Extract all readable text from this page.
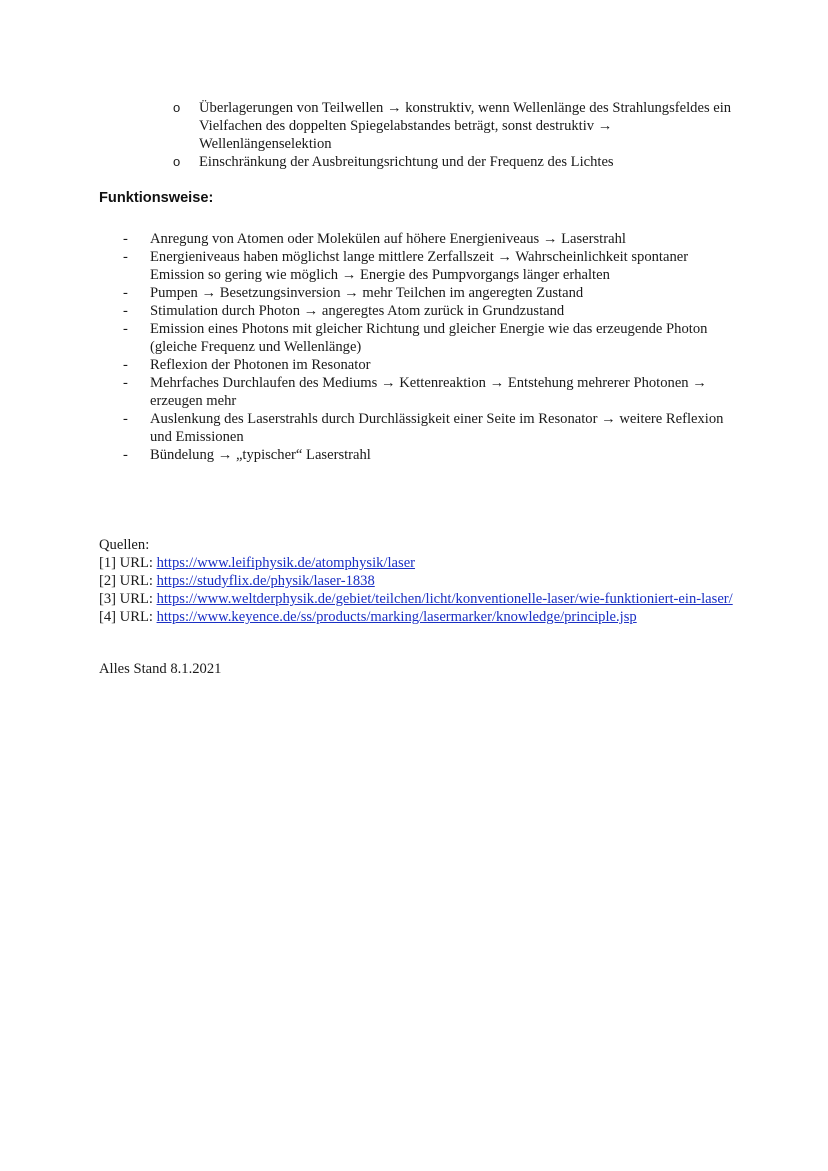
o Überlagerungen von Teilwellen → konstruktiv, wenn Wellenlänge des Strahlungsfeldes ein Vielfachen des doppelten Spiegelabstandes beträgt, sonst destruktiv → Wellenlängenselektion
o Einschränkung der Ausbreitungsrichtung und der Frequenz des Lichtes
Funktionsweise:
- Anregung von Atomen oder Molekülen auf höhere Energieniveaus → Laserstrahl
- Energieniveaus haben möglichst lange mittlere Zerfallszeit → Wahrscheinlichkeit spontaner Emission so gering wie möglich → Energie des Pumpvorgangs länger erhalten
- Pumpen → Besetzungsinversion → mehr Teilchen im angeregten Zustand
- Stimulation durch Photon → angeregtes Atom zurück in Grundzustand
- Emission eines Photons mit gleicher Richtung und gleicher Energie wie das erzeugende Photon (gleiche Frequenz und Wellenlänge)
- Reflexion der Photonen im Resonator
- Mehrfaches Durchlaufen des Mediums → Kettenreaktion → Entstehung mehrerer Photonen → erzeugen mehr
- Auslenkung des Laserstrahls durch Durchlässigkeit einer Seite im Resonator → weitere Reflexion und Emissionen
- Bündelung → „typischer“ Laserstrahl
Quellen:
[1] URL: https://www.leifiphysik.de/atomphysik/laser
[2] URL: https://studyflix.de/physik/laser-1838
[3] URL: https://www.weltderphysik.de/gebiet/teilchen/licht/konventionelle-laser/wie-funktioniert-ein-laser/
[4] URL: https://www.keyence.de/ss/products/marking/lasermarker/knowledge/principle.jsp
Alles Stand 8.1.2021
